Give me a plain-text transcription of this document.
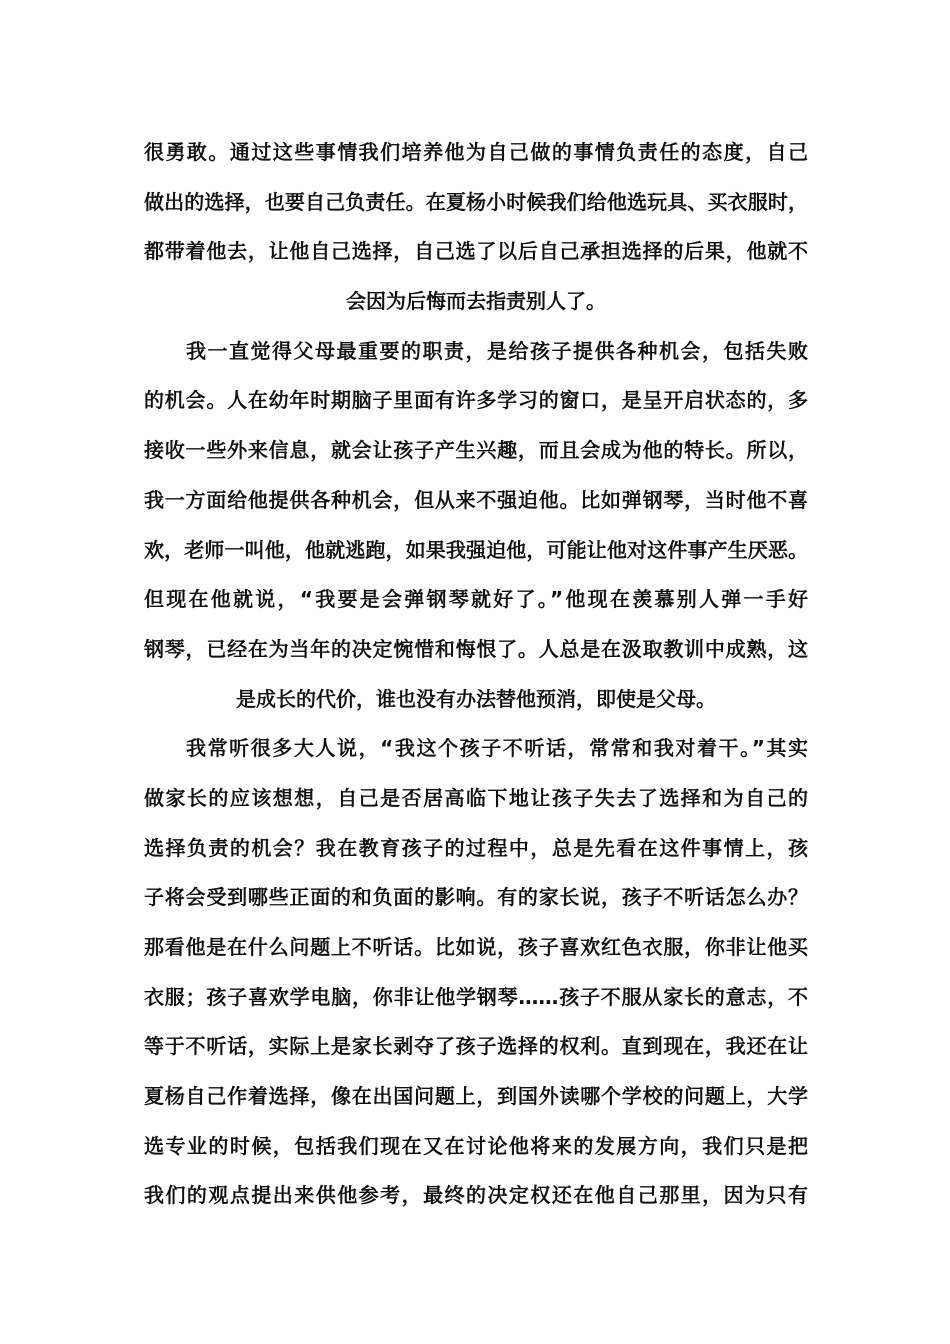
很勇敢。通过这些事情我们培养他为自己做的事情负责任的态度，自己
做出的选择，也要自己负责任。在夏杨小时候我们给他选玩具、买衣服时，
都带着他去，让他自己选择，自己选了以后自己承担选择的后果，他就不
会因为后悔而去指责别人了。
我一直觉得父母最重要的职责，是给孩子提供各种机会，包括失败
的机会。人在幼年时期脑子里面有许多学习的窗口，是呈开启状态的，多
接收一些外来信息，就会让孩子产生兴趣，而且会成为他的特长。所以，
我一方面给他提供各种机会，但从来不强迫他。比如弹钢琴，当时他不喜
欢，老师一叫他，他就逃跑，如果我强迫他，可能让他对这件事产生厌恶。
但现在他就说，“我要是会弹钢琴就好了。”他现在羡慕别人弹一手好
钢琴，已经在为当年的决定惋惜和悔恨了。人总是在汲取教训中成熟，这
是成长的代价，谁也没有办法替他预消，即使是父母。
我常听很多大人说，“我这个孩子不听话，常常和我对着干。”其实
做家长的应该想想，自己是否居高临下地让孩子失去了选择和为自己的
选择负责的机会？我在教育孩子的过程中，总是先看在这件事情上，孩
子将会受到哪些正面的和负面的影响。有的家长说，孩子不听话怎么办？
那看他是在什么问题上不听话。比如说，孩子喜欢红色衣服，你非让他买
衣服；孩子喜欢学电脑，你非让他学钢琴……孩子不服从家长的意志，不
等于不听话，实际上是家长剥夺了孩子选择的权利。直到现在，我还在让
夏杨自己作着选择，像在出国问题上，到国外读哪个学校的问题上，大学
选专业的时候，包括我们现在又在讨论他将来的发展方向，我们只是把
我们的观点提出来供他参考，最终的决定权还在他自己那里，因为只有
